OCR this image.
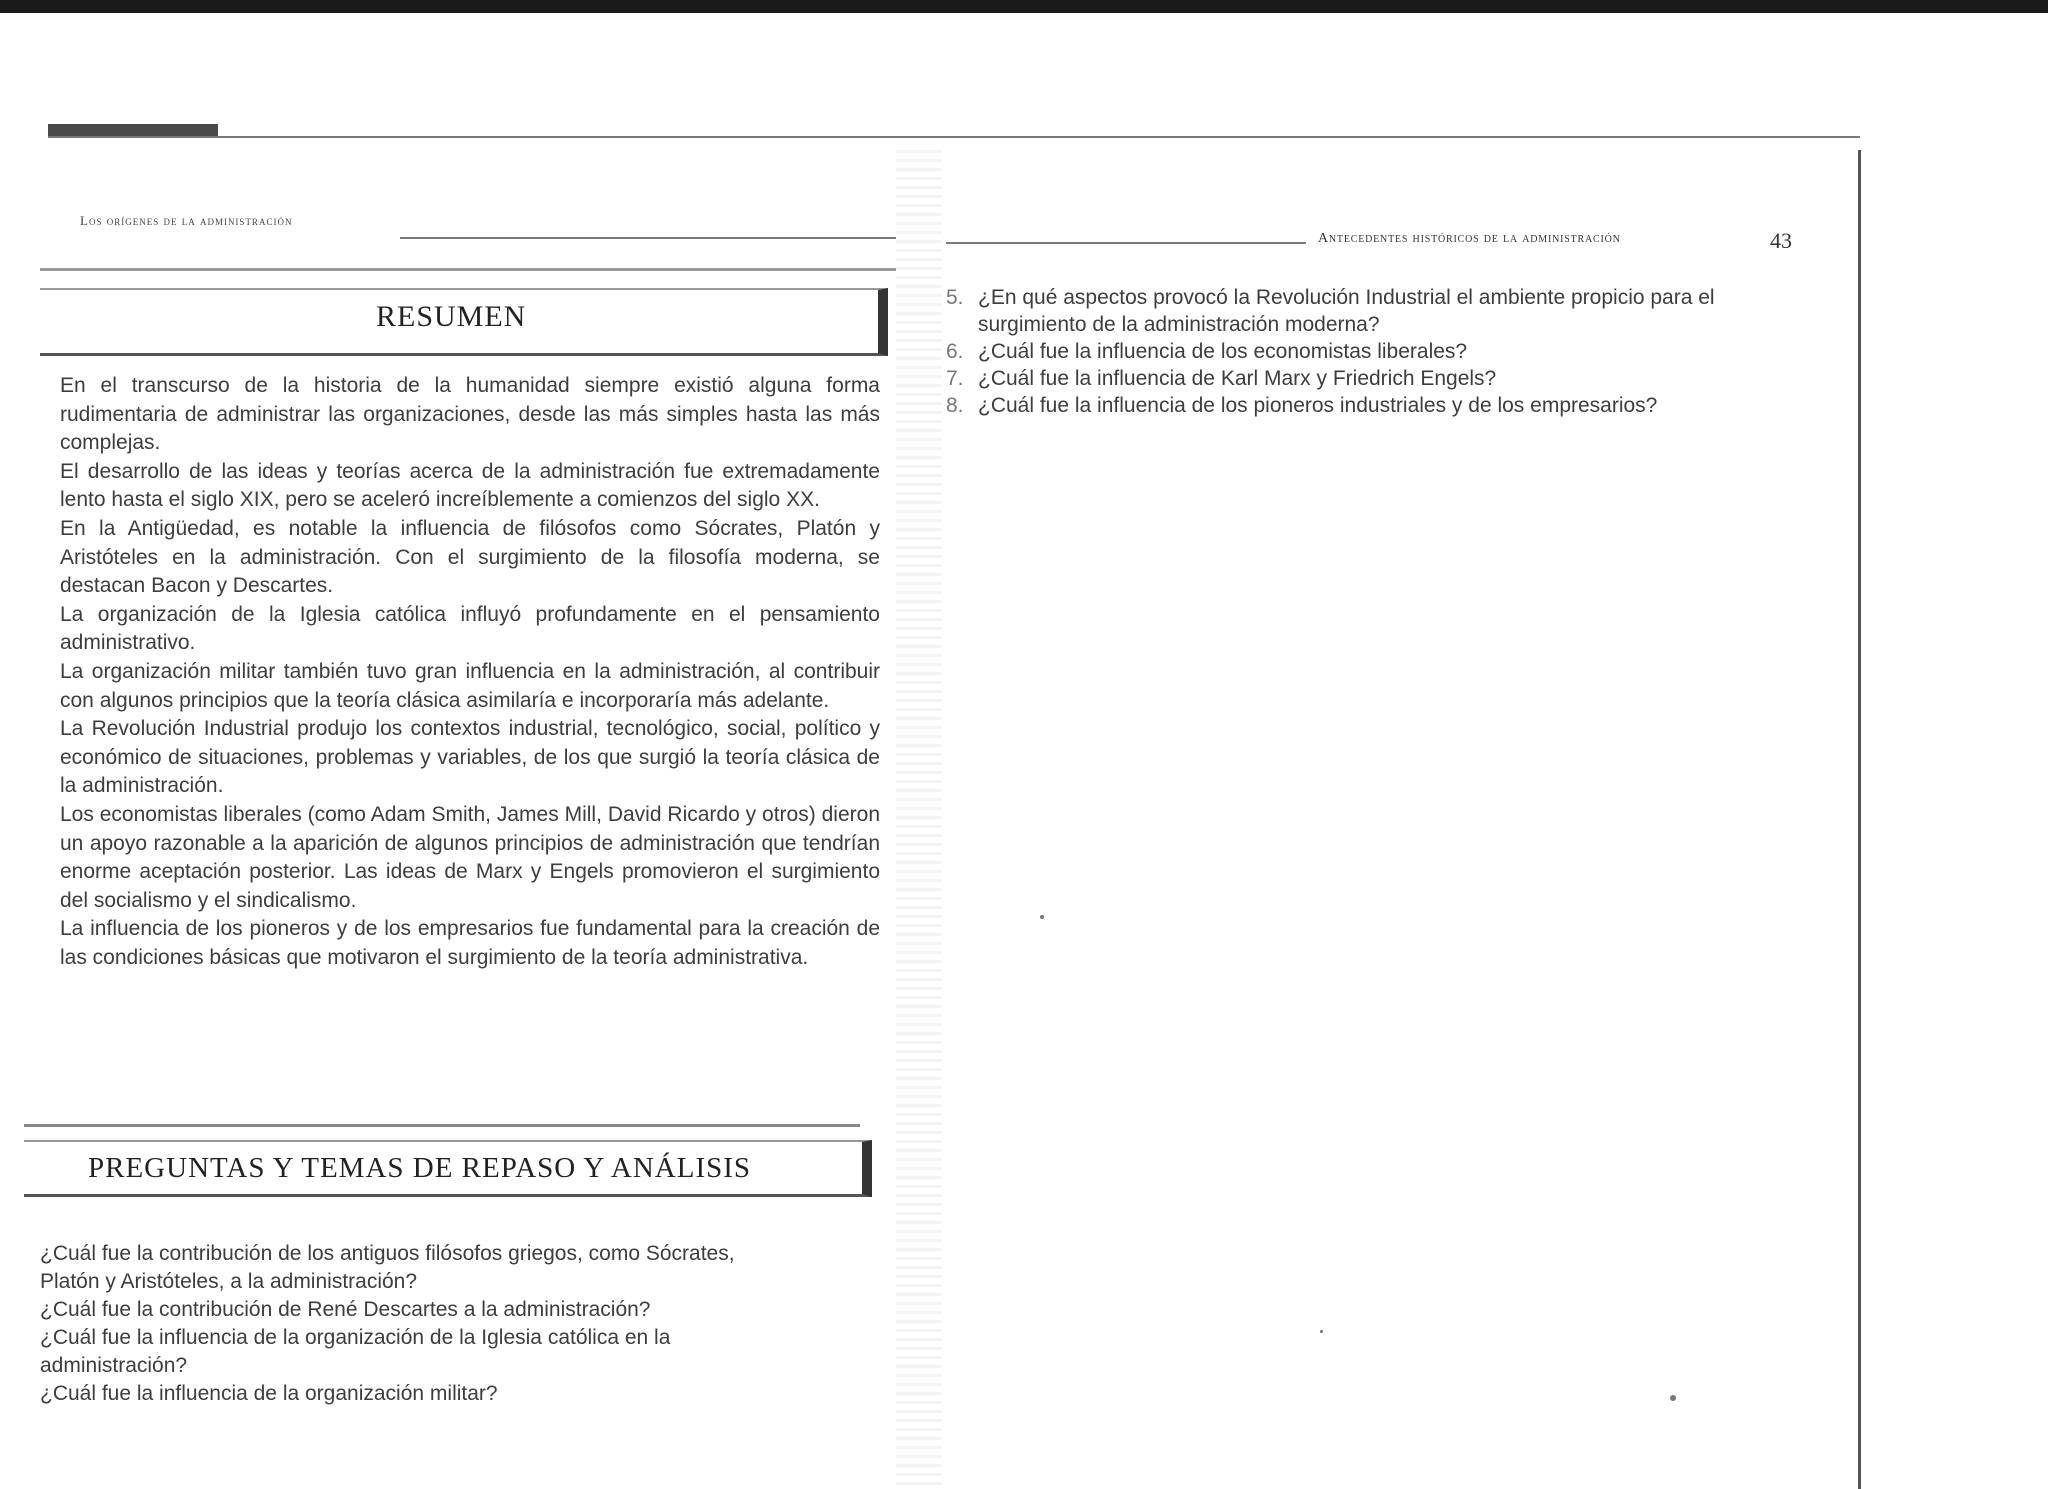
Los orígenes de la administración
RESUMEN
En el transcurso de la historia de la humanidad siempre existió alguna forma rudimentaria de administrar las organizaciones, desde las más simples hasta las más complejas.
El desarrollo de las ideas y teorías acerca de la administración fue extremadamente lento hasta el siglo XIX, pero se aceleró increíblemente a comienzos del siglo XX.
En la Antigüedad, es notable la influencia de filósofos como Sócrates, Platón y Aristóteles en la administración. Con el surgimiento de la filosofía moderna, se destacan Bacon y Descartes.
La organización de la Iglesia católica influyó profundamente en el pensamiento administrativo.
La organización militar también tuvo gran influencia en la administración, al contribuir con algunos principios que la teoría clásica asimilaría e incorporaría más adelante.
La Revolución Industrial produjo los contextos industrial, tecnológico, social, político y económico de situaciones, problemas y variables, de los que surgió la teoría clásica de la administración.
Los economistas liberales (como Adam Smith, James Mill, David Ricardo y otros) dieron un apoyo razonable a la aparición de algunos principios de administración que tendrían enorme aceptación posterior. Las ideas de Marx y Engels promovieron el surgimiento del socialismo y el sindicalismo.
La influencia de los pioneros y de los empresarios fue fundamental para la creación de las condiciones básicas que motivaron el surgimiento de la teoría administrativa.
PREGUNTAS Y TEMAS DE REPASO Y ANÁLISIS
¿Cuál fue la contribución de los antiguos filósofos griegos, como Sócrates, Platón y Aristóteles, a la administración?
¿Cuál fue la contribución de René Descartes a la administración?
¿Cuál fue la influencia de la organización de la Iglesia católica en la administración?
¿Cuál fue la influencia de la organización militar?
Antecedentes históricos de la administración	43
5. ¿En qué aspectos provocó la Revolución Industrial el ambiente propicio para el surgimiento de la administración moderna?
6. ¿Cuál fue la influencia de los economistas liberales?
7. ¿Cuál fue la influencia de Karl Marx y Friedrich Engels?
8. ¿Cuál fue la influencia de los pioneros industriales y de los empresarios?
